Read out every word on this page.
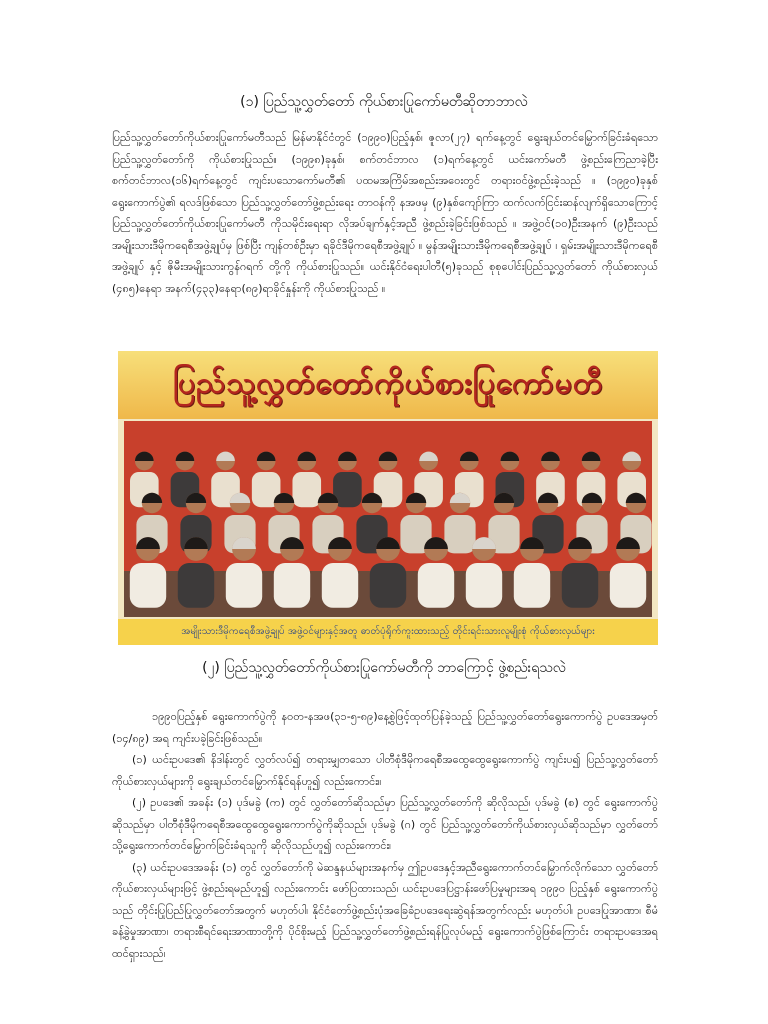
(၁) ပြည်သူ့လွှတ်တော် ကိုယ်စားပြုကော်မတီဆိုတာဘာလဲ

ပြည်သူ့လွှတ်တော်ကိုယ်စားပြုကော်မတီသည် မြန်မာနိုင်ငံတွင် (၁၉၉၀)ပြည့်နှစ်၊ ဇူလာ(၂၇) ရက်နေ့တွင် ရွေးချယ်တင်မြှောက်ခြင်းခံရသော ပြည်သူ့လွှတ်တော်ကို ကိုယ်စားပြုသည်။ (၁၉၉၈)ခုနှစ်၊ စက်တင်ဘာလ (၁)ရက်နေ့တွင် ယင်းကော်မတီ ဖွဲ့စည်းကြေညာခဲ့ပြီး စက်တင်ဘာလ(၁၆)ရက်နေ့တွင် ကျင်းပသောကော်မတီ၏ ပထမအကြိမ်အစည်းအဝေးတွင် တရားဝင်ဖွဲ့စည်းခဲ့သည် ။ (၁၉၉၀)ခုနှစ် ရွေးကောက်ပွဲ၏ ရလဒ်ဖြစ်သော ပြည်သူ့လွှတ်တော်ဖွဲ့စည်းရေး တာဝန်ကို နအဖမှ (၉)နှစ်ကျော်ကြာ ထက်လက်ငြင်းဆန်လျက်ရှိသောကြောင့် ပြည်သူ့လွှတ်တော်ကိုယ်စားပြုကော်မတီ ကိုသမိုင်းရေးရာ လိုအပ်ချက်နှင့်အညီ ဖွဲ့စည်းခဲ့ခြင်းဖြစ်သည် ။ အဖွဲ့ဝင်(၁၀)ဦးအနက် (၉)ဦးသည် အမျိုးသားဒီမိုကရေစီအဖွဲ့ချုပ်မှ ဖြစ်ပြီး ကျန်တစ်ဦးမှာ ရခိုင်ဒီမိုကရေစီအဖွဲ့ချုပ် ။ မွန်အမျိုးသားဒီမိုကရေစီအဖွဲ့ချုပ် ၊ ရှမ်းအမျိုးသားဒီမိုကရေစီအဖွဲ့ချုပ် နှင့် ဇိုမီးအမျိုးသားကွန်ဂရက် တို့ကို ကိုယ်စားပြုသည်။ ယင်းနိုင်ငံရေးပါတီ(၅)ခုသည် စုစုပေါင်းပြည်သူ့လွှတ်တော် ကိုယ်စားလှယ် (၄၈၅)နေရာ အနက်(၄၃၃)နေရာ(၈၉)ရာခိုင်နှုန်းကို ကိုယ်စားပြုသည် ။

ပြည်သူ့လွှတ်တော်ကိုယ်စားပြုကော်မတီ
အမျိုးသားဒီမိုကရေစီအဖွဲ့ချုပ် အဖွဲ့ဝင်များနှင့်အတူ ဓာတ်ပုံရိုက်ကူးထားသည့် တိုင်းရင်းသားလူမျိုးစုံ ကိုယ်စားလှယ်များ
(၂) ပြည်သူ့လွှတ်တော်ကိုယ်စားပြုကော်မတီကို ဘာကြောင့် ဖွဲ့စည်းရသလဲ
၁၉၉၀ပြည့်နှစ် ရွေးကောက်ပွဲကို နဝတ-နအဖ(၃၁-၅-၈၉)နေ့စွဲဖြင့်ထုတ်ပြန်ခဲ့သည့် ပြည်သူ့လွှတ်တော်ရွေးကောက်ပွဲ ဥပဒေအမှတ် (၁၄/၈၉) အရ ကျင်းပခဲ့ခြင်းဖြစ်သည်။
(၁) ယင်းဥပဒေ၏ နိဒါန်းတွင် လွှတ်လပ်၍ တရားမျှတသော ပါတီစုံဒီမိုကရေစီအထွေထွေရွေးကောက်ပွဲ ကျင်းပ၍ ပြည်သူ့လွှတ်တော်ကိုယ်စားလှယ်များကို ရွေးချယ်တင်မြှောက်နိုင်ရန်ဟူ၍ လည်းကောင်း။
(၂) ဥပဒေ၏ အခန်း (၁) ပုဒ်မခွဲ (က) တွင် လွှတ်တော်ဆိုသည်မှာ ပြည်သူ့လွှတ်တော်ကို ဆိုလိုသည်၊ ပုဒ်မခွဲ (စ) တွင် ရွေးကောက်ပွဲဆိုသည်မှာ ပါတီစုံဒီမိုကရေစီအထွေထွေရွေးကောက်ပွဲကိုဆိုသည်၊ ပုဒ်မခွဲ (ဂ) တွင် ပြည်သူ့လွှတ်တော်ကိုယ်စားလှယ်ဆိုသည်မှာ လွှတ်တော်သို့ရွေးကောက်တင်မြှောက်ခြင်းခံရသူကို ဆိုလိုသည်ဟူ၍ လည်းကောင်း၊
(၃) ယင်းဥပဒေအခန်း (၁) တွင် လွှတ်တော်ကို မဲဆန္ဒနယ်များအနက်မှ ဤဥပဒေနှင့်အညီရွေးကောက်တင်မြှောက်လိုက်သော လွှတ်တော်ကိုယ်စားလှယ်များဖြင့် ဖွဲ့စည်းရမည်ဟူ၍ လည်းကောင်း ဖော်ပြထားသည်၊ ယင်းဥပဒေပြဋ္ဌာန်းဖော်ပြမှုများအရ ၁၉၉၀ ပြည့်နှစ် ရွေးကောက်ပွဲ သည် တိုင်းပြုပြည်ပြုလွှတ်တော်အတွက် မဟုတ်ပါ၊ နိုင်ငံတော်ဖွဲ့စည်းပုံအခြေခံဥပဒေရေးဆွဲရန်အတွက်လည်း မဟုတ်ပါ၊ ဥပဒေပြုအာဏာ၊ စီမံခန့်ခွဲမှုအာဏာ၊ တရားစီရင်ရေးအာဏာတို့ကို ပိုင်စိုးမည့် ပြည်သူ့လွှတ်တော်ဖွဲ့စည်းရန်ပြုလုပ်မည့် ရွေးကောက်ပွဲဖြစ်ကြောင်း တရားဥပဒေအရထင်ရှားသည်၊
